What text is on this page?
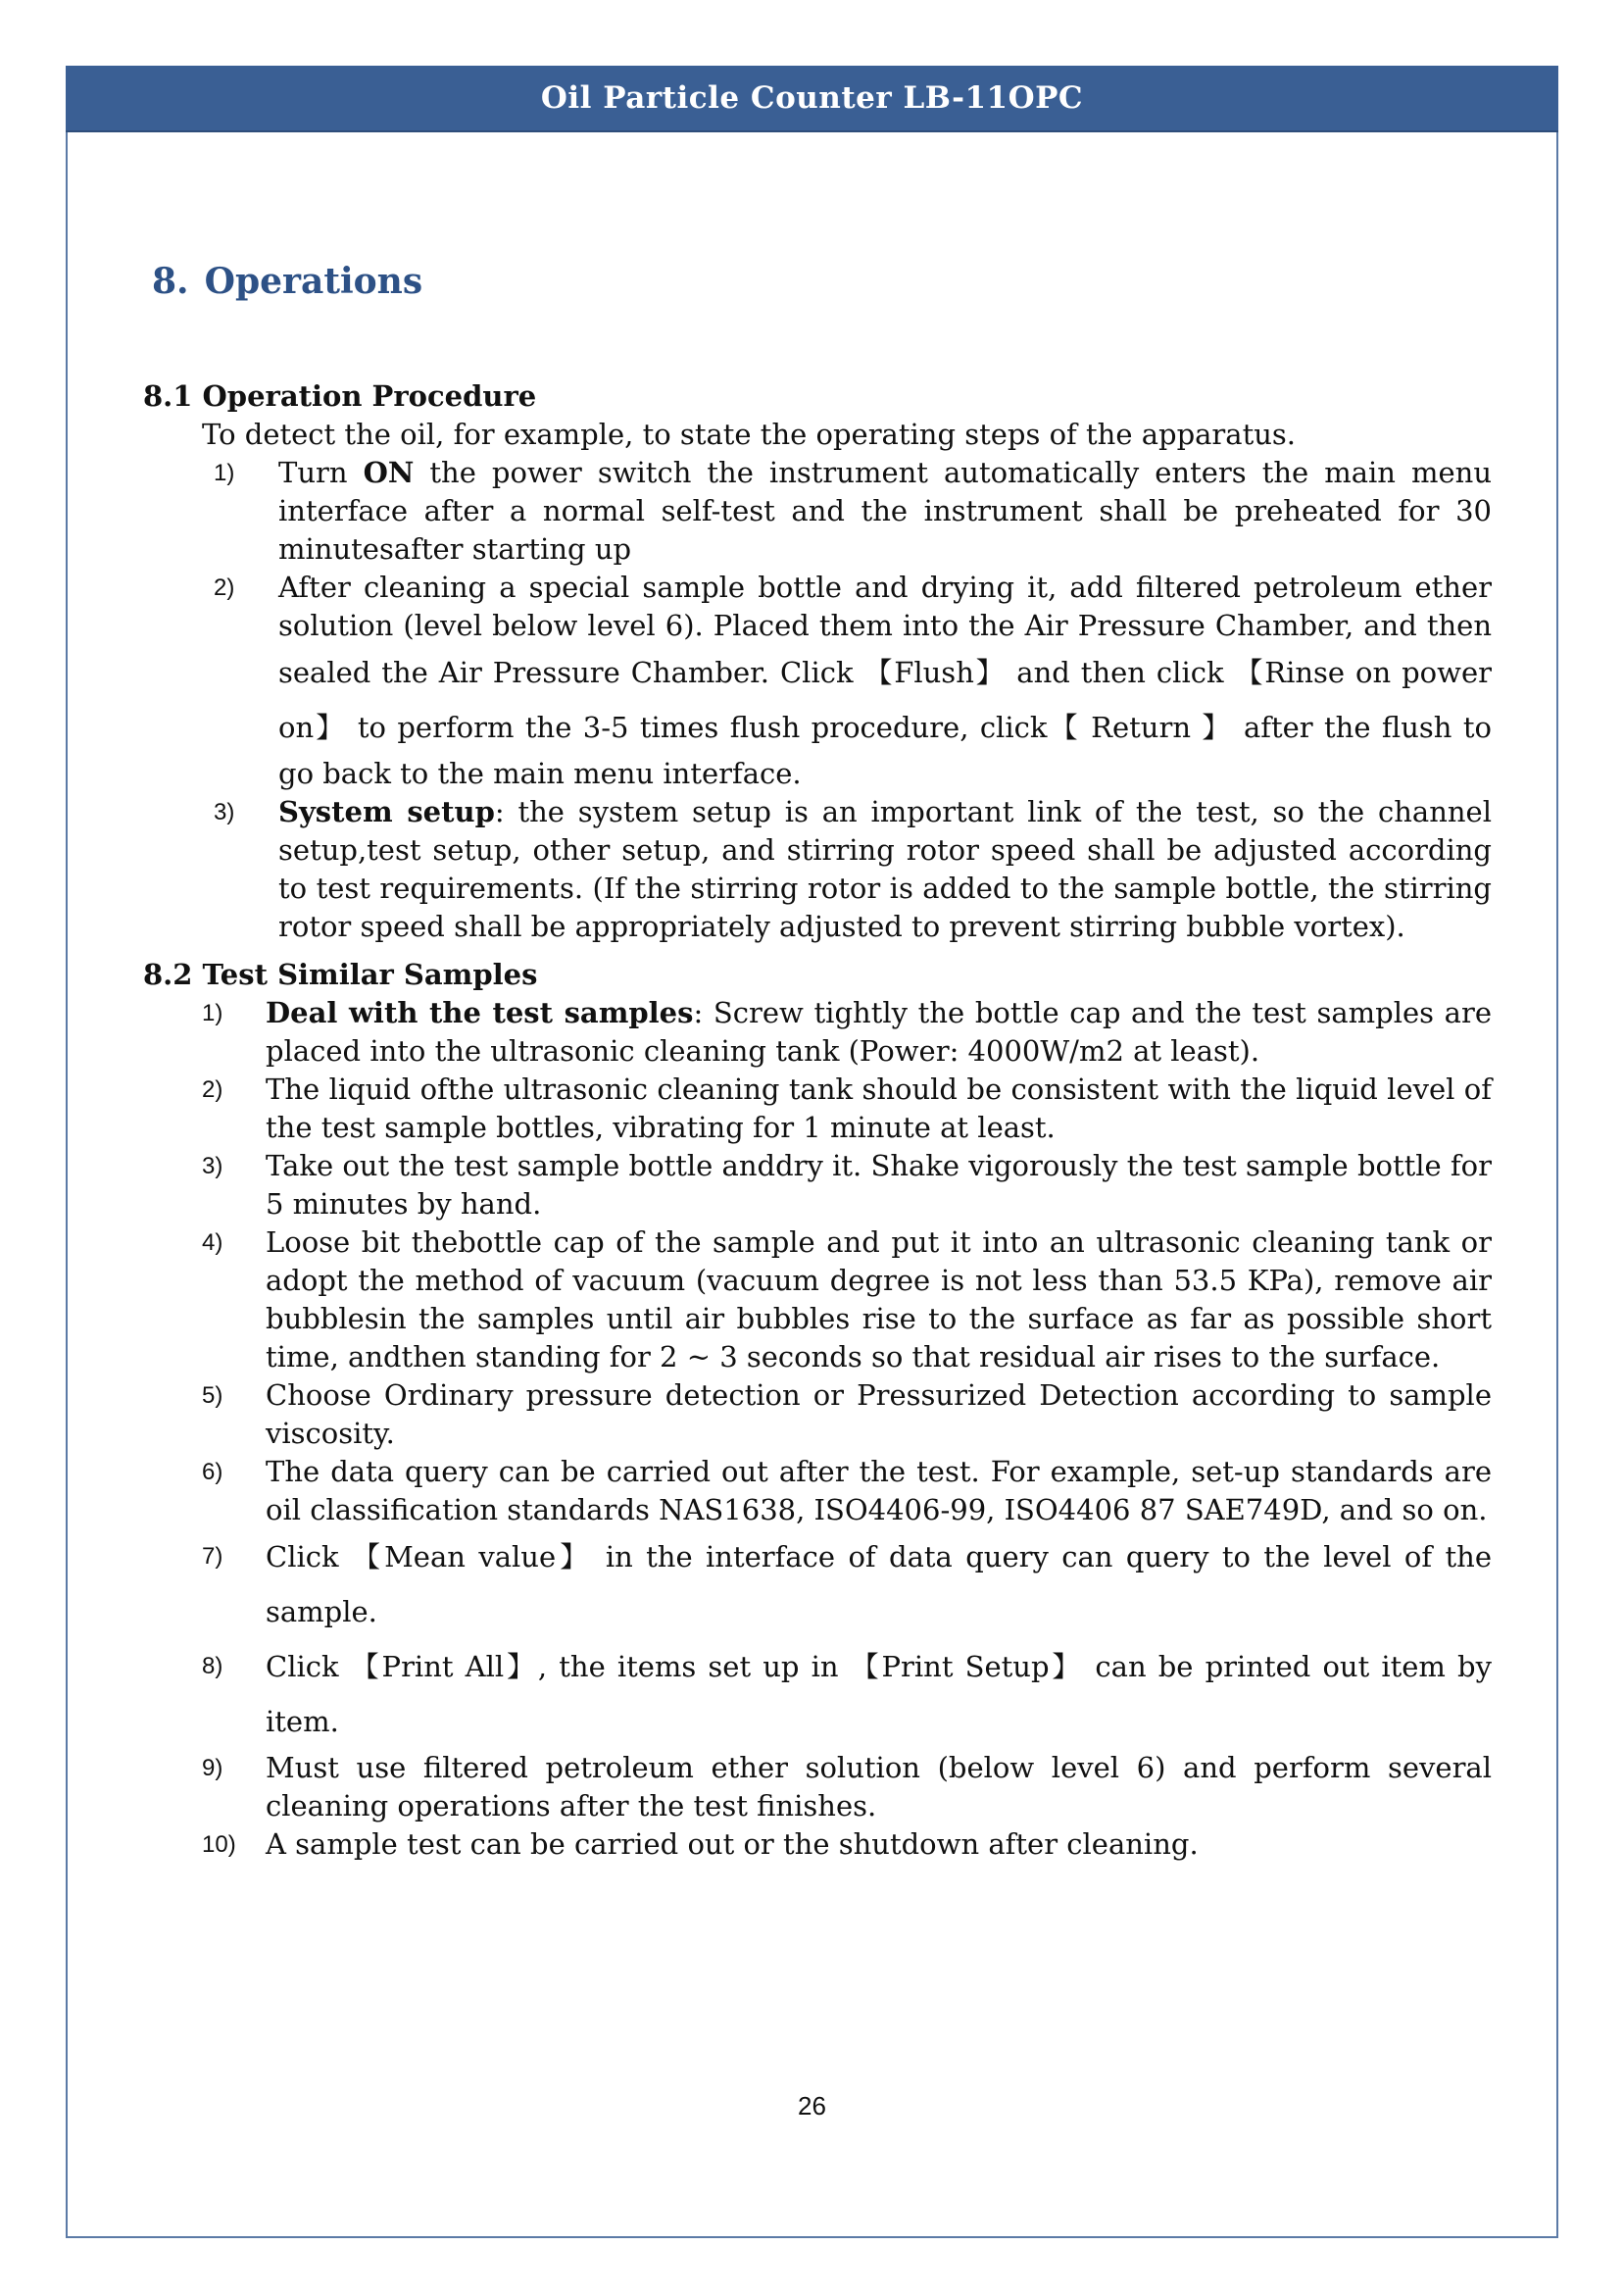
Oil Particle Counter LB-11OPC
8. Operations

8.1 Operation Procedure

To detect the oil, for example, to state the operating steps of the apparatus.

1) Turn ON the power switch the instrument automatically enters the main menu interface after a normal self-test and the instrument shall be preheated for 30 minutesafter starting up
2) After cleaning a special sample bottle and drying it, add filtered petroleum ether solution (level below level 6). Placed them into the Air Pressure Chamber, and then sealed the Air Pressure Chamber. Click 【Flush】 and then click 【Rinse on power on】 to perform the 3-5 times flush procedure, click【 Return 】 after the flush to go back to the main menu interface.
3) System setup: the system setup is an important link of the test, so the channel setup,test setup, other setup, and stirring rotor speed shall be adjusted according to test requirements. (If the stirring rotor is added to the sample bottle, the stirring rotor speed shall be appropriately adjusted to prevent stirring bubble vortex).

8.2 Test Similar Samples

1) Deal with the test samples: Screw tightly the bottle cap and the test samples are placed into the ultrasonic cleaning tank (Power: 4000W/m2 at least).
2) The liquid ofthe ultrasonic cleaning tank should be consistent with the liquid level of the test sample bottles, vibrating for 1 minute at least.
3) Take out the test sample bottle anddry it. Shake vigorously the test sample bottle for 5 minutes by hand.
4) Loose bit thebottle cap of the sample and put it into an ultrasonic cleaning tank or adopt the method of vacuum (vacuum degree is not less than 53.5 KPa), remove air bubblesin the samples until air bubbles rise to the surface as far as possible short time, andthen standing for 2 ~ 3 seconds so that residual air rises to the surface.
5) Choose Ordinary pressure detection or Pressurized Detection according to sample viscosity.
6) The data query can be carried out after the test. For example, set-up standards are oil classification standards NAS1638, ISO4406-99, ISO4406 87 SAE749D, and so on.
7) Click 【Mean value】 in the interface of data query can query to the level of the sample.
8) Click 【Print All】, the items set up in 【Print Setup】 can be printed out item by item.
9) Must use filtered petroleum ether solution (below level 6) and perform several cleaning operations after the test finishes.
10) A sample test can be carried out or the shutdown after cleaning.
26
